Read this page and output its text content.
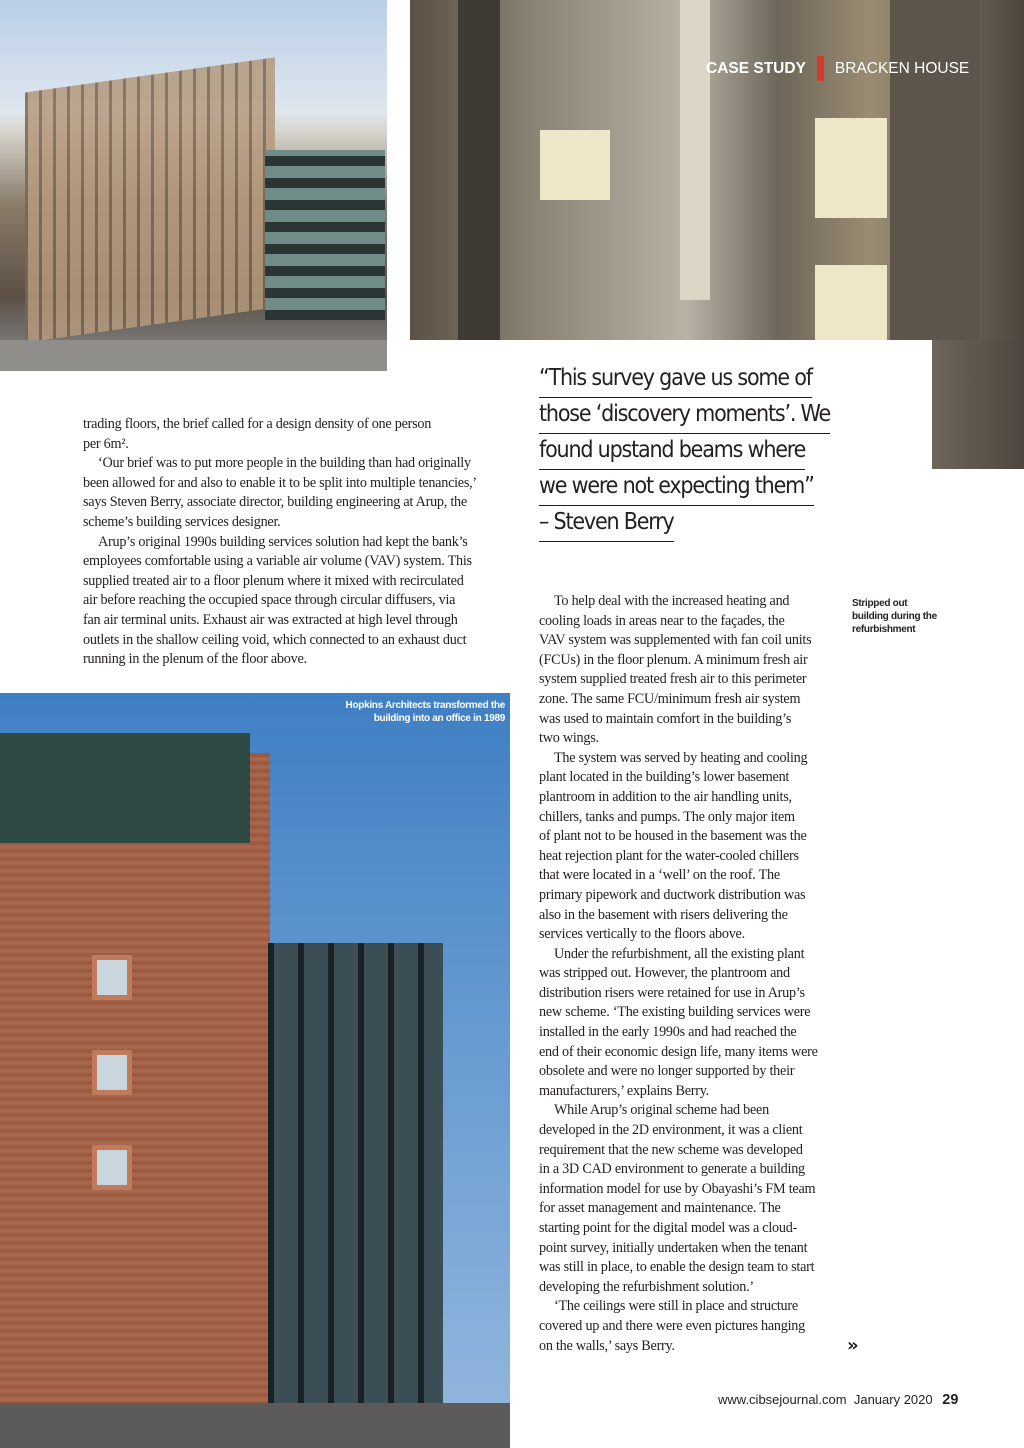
CASE STUDY BRACKEN HOUSE
“This survey gave us some of
those ‘discovery moments’. We
found upstand beams where
we were not expecting them”
– Steven Berry
trading floors, the brief called for a design density of one person
per 6m².
‘Our brief was to put more people in the building than had originally
been allowed for and also to enable it to be split into multiple tenancies,’
says Steven Berry, associate director, building engineering at Arup, the
scheme’s building services designer.
Arup’s original 1990s building services solution had kept the bank’s
employees comfortable using a variable air volume (VAV) system. This
supplied treated air to a floor plenum where it mixed with recirculated
air before reaching the occupied space through circular diffusers, via
fan air terminal units. Exhaust air was extracted at high level through
outlets in the shallow ceiling void, which connected to an exhaust duct
running in the plenum of the floor above.
Hopkins Architects transformed the
building into an office in 1989
To help deal with the increased heating and
cooling loads in areas near to the façades, the
VAV system was supplemented with fan coil units
(FCUs) in the floor plenum. A minimum fresh air
system supplied treated fresh air to this perimeter
zone. The same FCU/minimum fresh air system
was used to maintain comfort in the building’s
two wings.
The system was served by heating and cooling
plant located in the building’s lower basement
plantroom in addition to the air handling units,
chillers, tanks and pumps. The only major item
of plant not to be housed in the basement was the
heat rejection plant for the water-cooled chillers
that were located in a ‘well’ on the roof. The
primary pipework and ductwork distribution was
also in the basement with risers delivering the
services vertically to the floors above.
Under the refurbishment, all the existing plant
was stripped out. However, the plantroom and
distribution risers were retained for use in Arup’s
new scheme. ‘The existing building services were
installed in the early 1990s and had reached the
end of their economic design life, many items were
obsolete and were no longer supported by their
manufacturers,’ explains Berry.
While Arup’s original scheme had been
developed in the 2D environment, it was a client
requirement that the new scheme was developed
in a 3D CAD environment to generate a building
information model for use by Obayashi’s FM team
for asset management and maintenance. The
starting point for the digital model was a cloud-
point survey, initially undertaken when the tenant
was still in place, to enable the design team to start
developing the refurbishment solution.’
‘The ceilings were still in place and structure
covered up and there were even pictures hanging
on the walls,’ says Berry.
Stripped out
building during the
refurbishment
»
www.cibsejournal.com January 2020 29
